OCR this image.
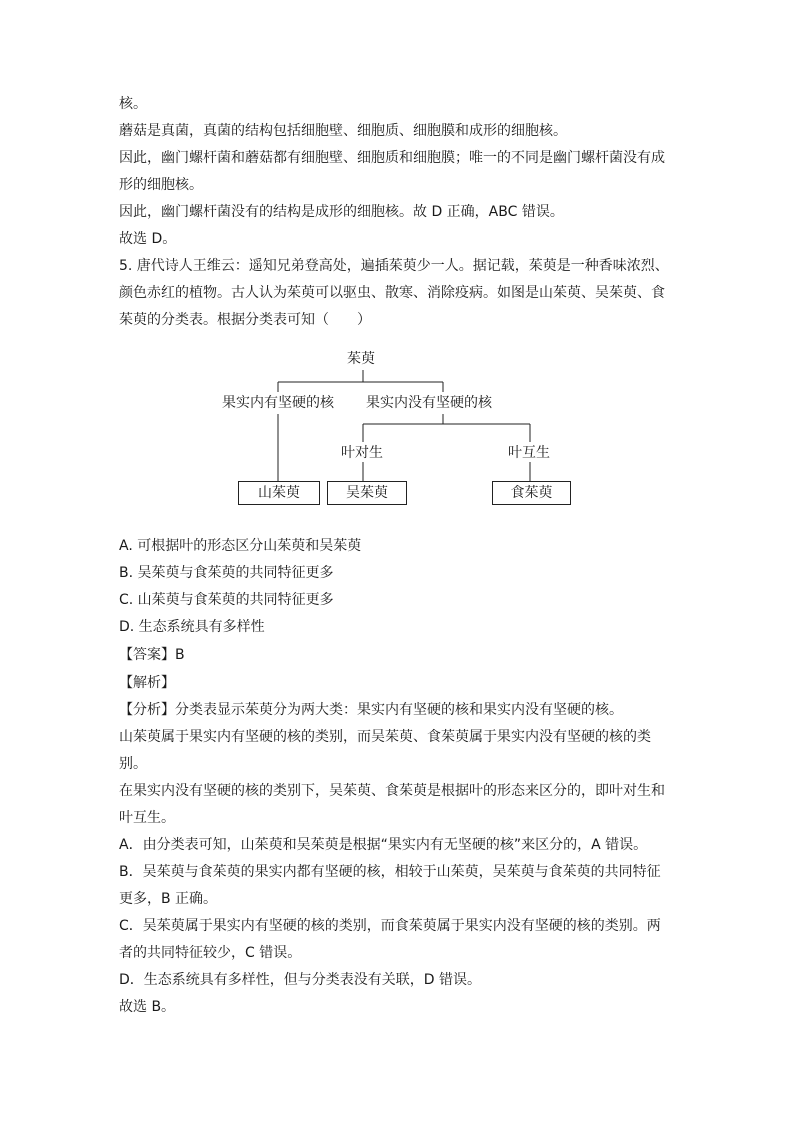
核。
蘑菇是真菌，真菌的结构包括细胞壁、细胞质、细胞膜和成形的细胞核。
因此，幽门螺杆菌和蘑菇都有细胞壁、细胞质和细胞膜；唯一的不同是幽门螺杆菌没有成
形的细胞核。
因此，幽门螺杆菌没有的结构是成形的细胞核。故 D 正确，ABC 错误。
故选 D。
5. 唐代诗人王维云：遥知兄弟登高处，遍插茱萸少一人。据记载，茱萸是一种香味浓烈、
颜色赤红的植物。古人认为茱萸可以驱虫、散寒、消除疫病。如图是山茱萸、吴茱萸、食
茱萸的分类表。根据分类表可知（　　）
茱萸
果实内有坚硬的核 果实内没有坚硬的核
叶对生	叶互生
山茱萸	吴茱萸	食茱萸
A. 可根据叶的形态区分山茱萸和吴茱萸
B. 吴茱萸与食茱萸的共同特征更多
C. 山茱萸与食茱萸的共同特征更多
D. 生态系统具有多样性
【答案】B
【解析】
【分析】分类表显示茱萸分为两大类：果实内有坚硬的核和果实内没有坚硬的核。
山茱萸属于果实内有坚硬的核的类别，而吴茱萸、食茱萸属于果实内没有坚硬的核的类
别。
在果实内没有坚硬的核的类别下，吴茱萸、食茱萸是根据叶的形态来区分的，即叶对生和
叶互生。
A．由分类表可知，山茱萸和吴茱萸是根据“果实内有无坚硬的核”来区分的，A 错误。
B．吴茱萸与食茱萸的果实内都有坚硬的核，相较于山茱萸，吴茱萸与食茱萸的共同特征
更多，B 正确。
C．吴茱萸属于果实内有坚硬的核的类别，而食茱萸属于果实内没有坚硬的核的类别。两
者的共同特征较少，C 错误。
D．生态系统具有多样性，但与分类表没有关联，D 错误。
故选 B。
